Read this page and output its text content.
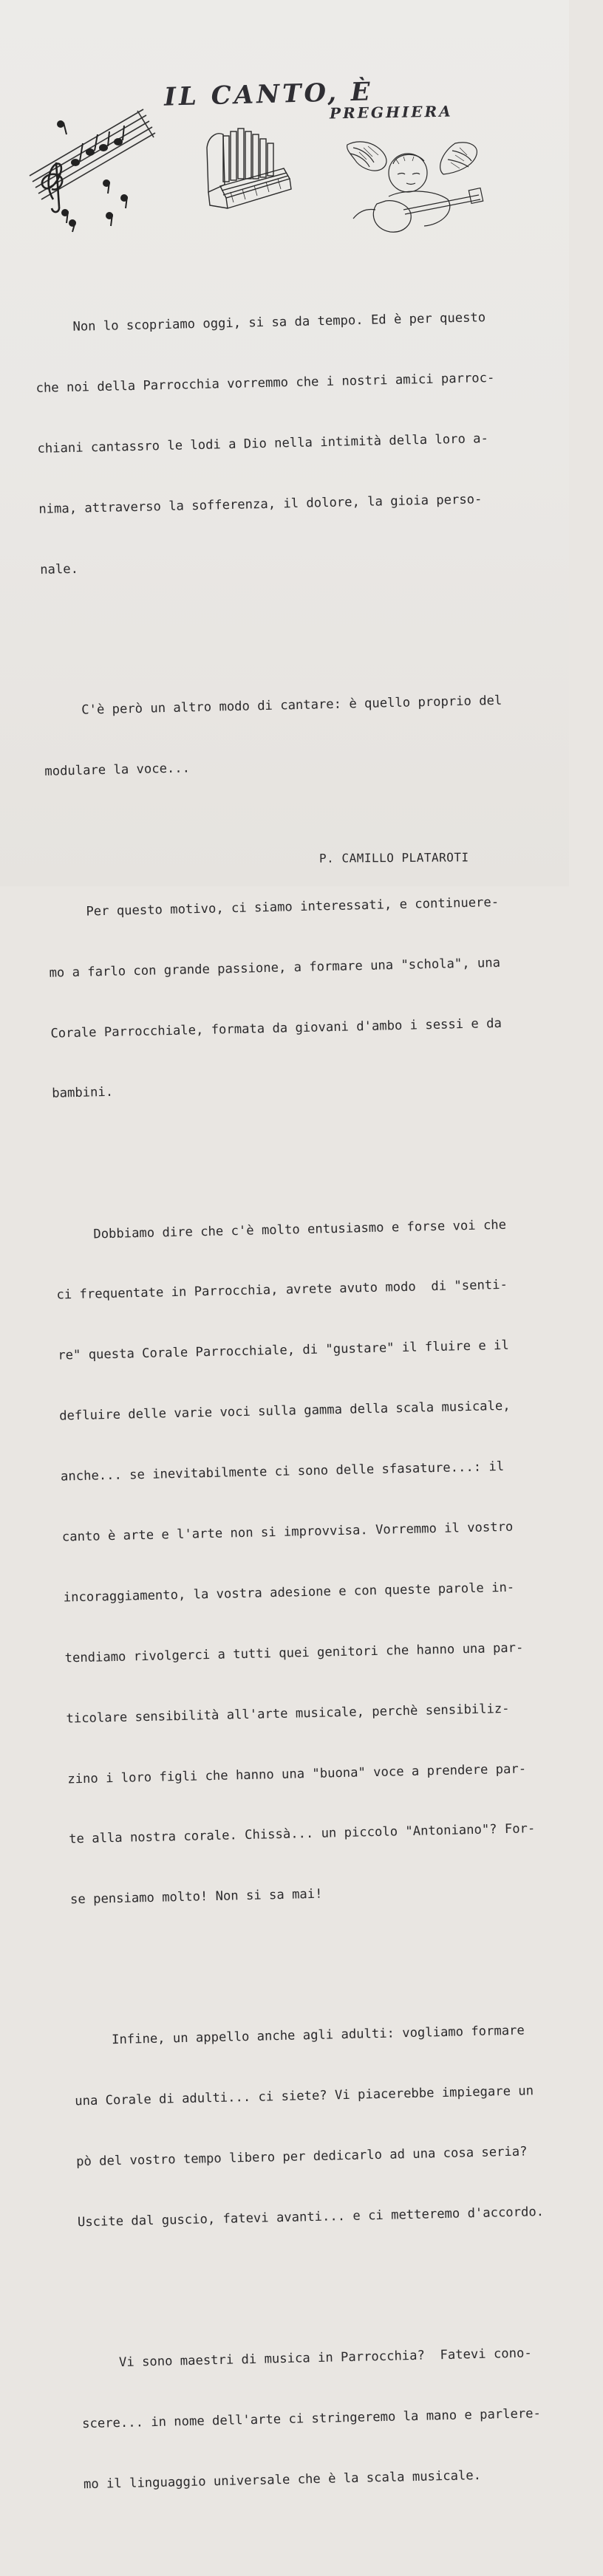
IL CANTO, È
PREGHIERA

Non lo scopriamo oggi, si sa da tempo. Ed è per questo

che noi della Parrocchia vorremmo che i nostri amici parroc-

chiani cantassro le lodi a Dio nella intimità della loro a-

nima, attraverso la sofferenza, il dolore, la gioia perso-

nale.

C'è però un altro modo di cantare: è quello proprio del

modulare la voce...

Per questo motivo, ci siamo interessati, e continuere-

mo a farlo con grande passione, a formare una "schola", una

Corale Parrocchiale, formata da giovani d'ambo i sessi e da

bambini.

Dobbiamo dire che c'è molto entusiasmo e forse voi che

ci frequentate in Parrocchia, avrete avuto modo  di "senti-

re" questa Corale Parrocchiale, di "gustare" il fluire e il

defluire delle varie voci sulla gamma della scala musicale,

anche... se inevitabilmente ci sono delle sfasature...: il

canto è arte e l'arte non si improvvisa. Vorremmo il vostro

incoraggiamento, la vostra adesione e con queste parole in-

tendiamo rivolgerci a tutti quei genitori che hanno una par-

ticolare sensibilità all'arte musicale, perchè sensibiliz-

zino i loro figli che hanno una "buona" voce a prendere par-

te alla nostra corale. Chissà... un piccolo "Antoniano"? For-

se pensiamo molto! Non si sa mai!

Infine, un appello anche agli adulti: vogliamo formare

una Corale di adulti... ci siete? Vi piacerebbe impiegare un

pò del vostro tempo libero per dedicarlo ad una cosa seria?

Uscite dal guscio, fatevi avanti... e ci metteremo d'accordo.

Vi sono maestri di musica in Parrocchia?  Fatevi cono-

scere... in nome dell'arte ci stringeremo la mano e parlere-

mo il linguaggio universale che è la scala musicale.

P. CAMILLO PLATAROTI
